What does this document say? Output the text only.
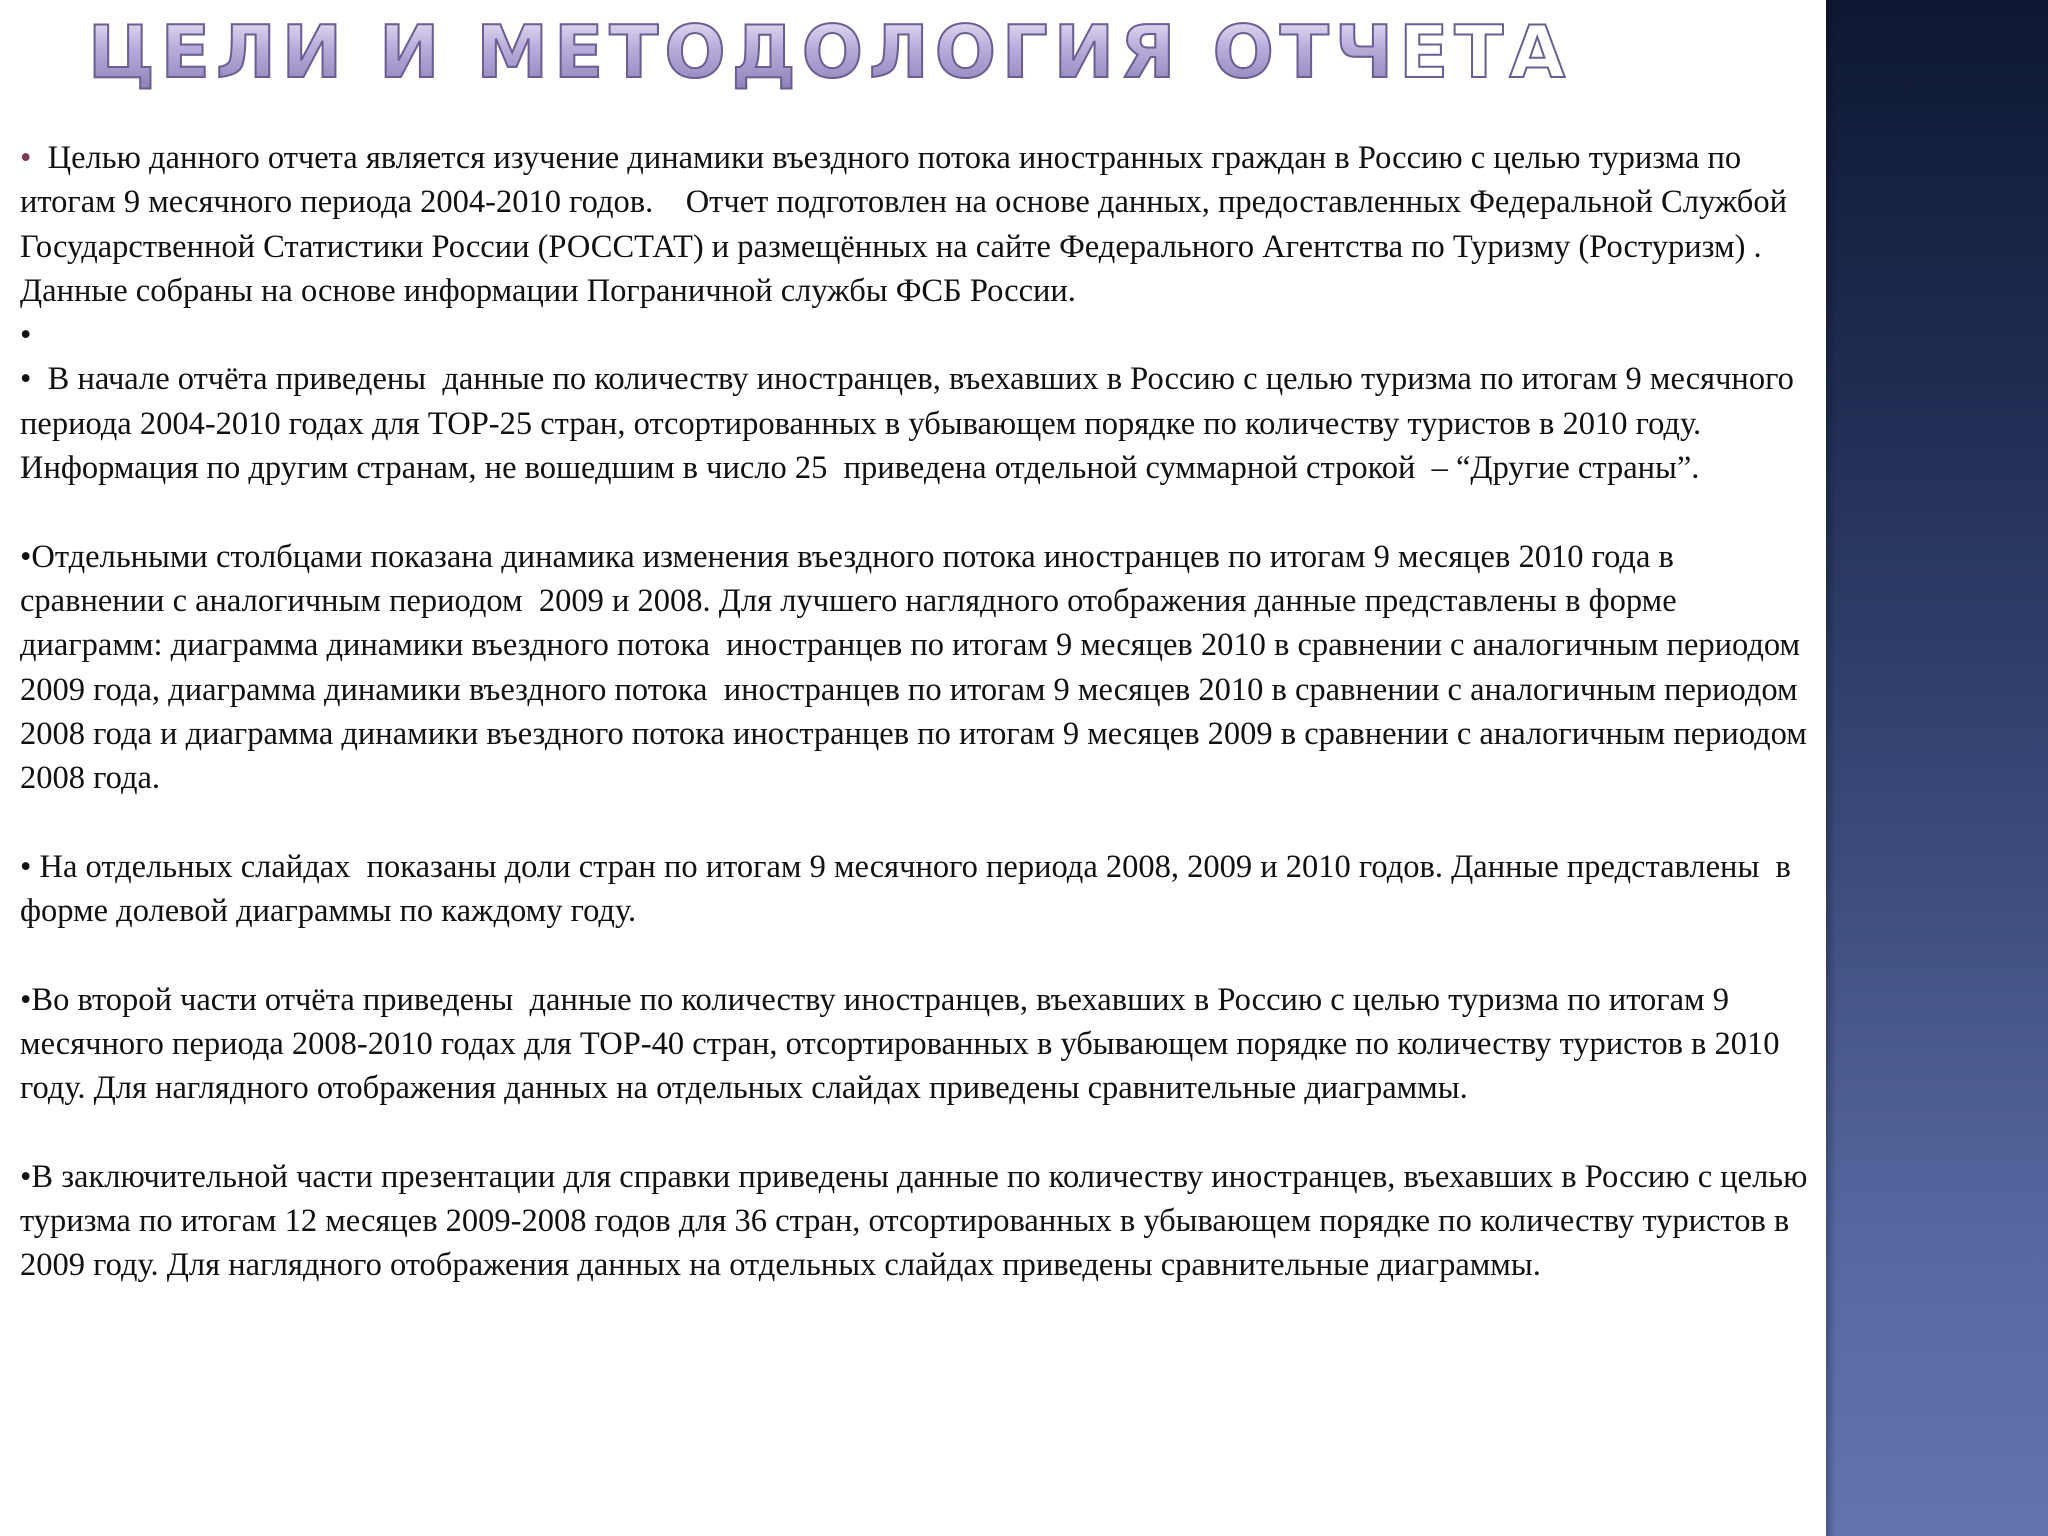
ЦЕЛИ И МЕТОДОЛОГИЯ ОТЧЕТА

•  Целью данного отчета является изучение динамики въездного потока иностранных граждан в Россию с целью туризма по итогам 9 месячного периода 2004-2010 годов.    Отчет подготовлен на основе данных, предоставленных Федеральной Службой Государственной Статистики России (РОССТАТ) и размещённых на сайте Федерального Агентства по Туризму (Ростуризм) . Данные собраны на основе информации Пограничной службы ФСБ России.

•

•  В начале отчёта приведены  данные по количеству иностранцев, въехавших в Россию с целью туризма по итогам 9 месячного периода 2004-2010 годах для ТОР-25 стран, отсортированных в убывающем порядке по количеству туристов в 2010 году. Информация по другим странам, не вошедшим в число 25  приведена отдельной суммарной строкой  – “Другие страны”.

•Отдельными столбцами показана динамика изменения въездного потока иностранцев по итогам 9 месяцев 2010 года в сравнении с аналогичным периодом  2009 и 2008. Для лучшего наглядного отображения данные представлены в форме диаграмм: диаграмма динамики въездного потока  иностранцев по итогам 9 месяцев 2010 в сравнении с аналогичным периодом 2009 года, диаграмма динамики въездного потока  иностранцев по итогам 9 месяцев 2010 в сравнении с аналогичным периодом 2008 года и диаграмма динамики въездного потока иностранцев по итогам 9 месяцев 2009 в сравнении с аналогичным периодом 2008 года.

• На отдельных слайдах  показаны доли стран по итогам 9 месячного периода 2008, 2009 и 2010 годов. Данные представлены  в форме долевой диаграммы по каждому году.

•Во второй части отчёта приведены  данные по количеству иностранцев, въехавших в Россию с целью туризма по итогам 9 месячного периода 2008-2010 годах для ТОР-40 стран, отсортированных в убывающем порядке по количеству туристов в 2010 году. Для наглядного отображения данных на отдельных слайдах приведены сравнительные диаграммы.

•В заключительной части презентации для справки приведены данные по количеству иностранцев, въехавших в Россию с целью туризма по итогам 12 месяцев 2009-2008 годов для 36 стран, отсортированных в убывающем порядке по количеству туристов в 2009 году. Для наглядного отображения данных на отдельных слайдах приведены сравнительные диаграммы.
